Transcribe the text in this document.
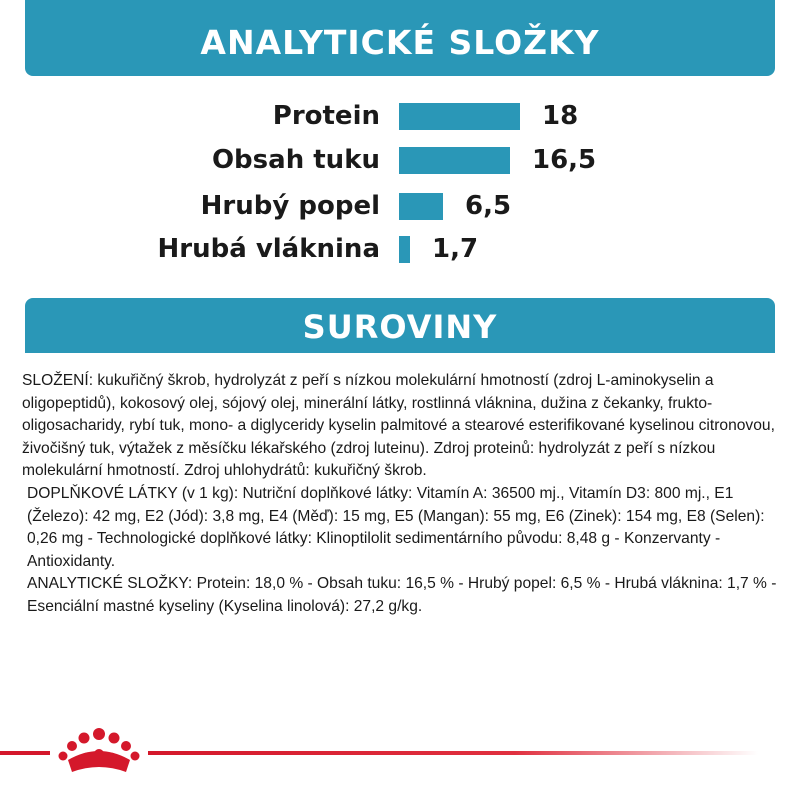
ANALYTICKÉ SLOŽKY
Protein	18
Obsah tuku	16,5
Hrubý popel	6,5
Hrubá vláknina 1,7
SUROVINY

SLOŽENÍ: kukuřičný škrob, hydrolyzát z peří s nízkou molekulární hmotností (zdroj L-aminokyselin a oligopeptidů), kokosový olej, sójový olej, minerální látky, rostlinná vláknina, dužina z čekanky, frukto-oligosacharidy, rybí tuk, mono- a diglyceridy kyselin palmitové a stearové esterifikované kyselinou citronovou, živočišný tuk, výtažek z měsíčku lékařského (zdroj luteinu). Zdroj proteinů: hydrolyzát z peří s nízkou molekulární hmotností. Zdroj uhlohydrátů: kukuřičný škrob.

DOPLŇKOVÉ LÁTKY (v 1 kg): Nutriční doplňkové látky: Vitamín A: 36500 mj., Vitamín D3: 800 mj., E1 (Železo): 42 mg, E2 (Jód): 3,8 mg, E4 (Měď): 15 mg, E5 (Mangan): 55 mg, E6 (Zinek): 154 mg, E8 (Selen): 0,26 mg - Technologické doplňkové látky: Klinoptilolit sedimentárního původu: 8,48 g - Konzervanty - Antioxidanty.

ANALYTICKÉ SLOŽKY: Protein: 18,0 % - Obsah tuku: 16,5 % - Hrubý popel: 6,5 % - Hrubá vláknina: 1,7 % - Esenciální mastné kyseliny (Kyselina linolová): 27,2 g/kg.
